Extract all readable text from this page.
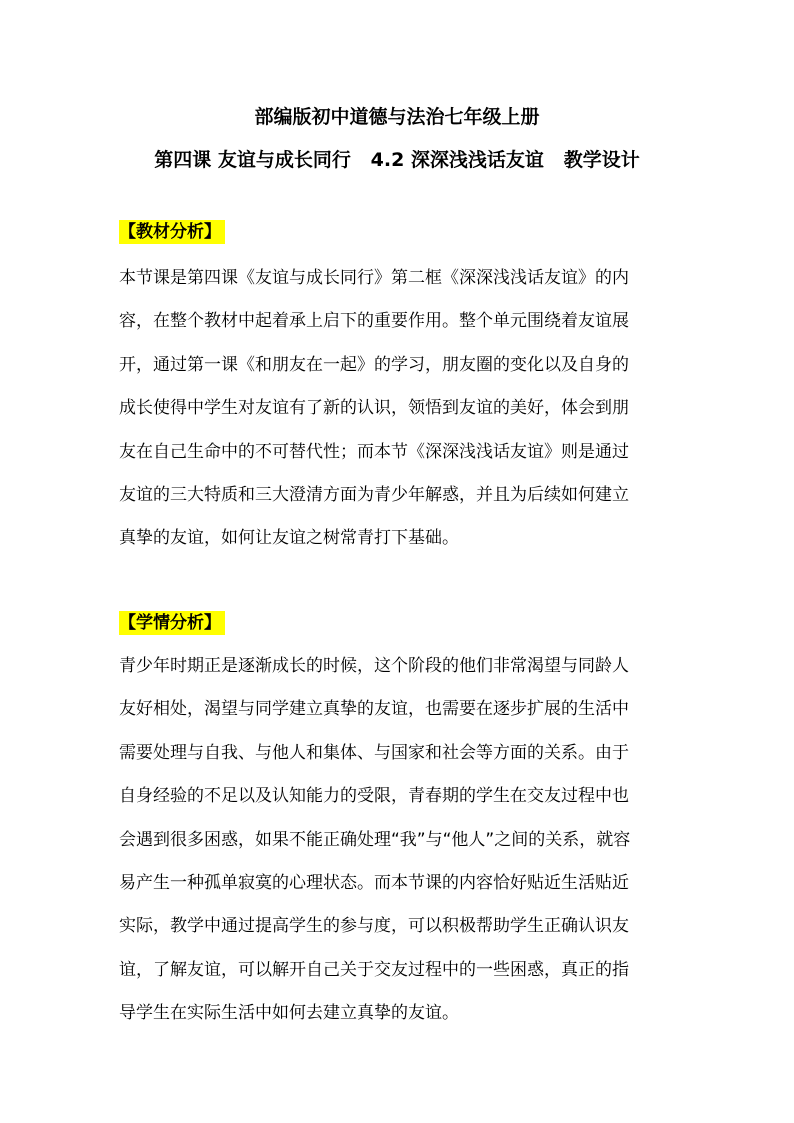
部编版初中道德与法治七年级上册
第四课 友谊与成长同行   4.2 深深浅浅话友谊   教学设计
【教材分析】
本节课是第四课《友谊与成长同行》第二框《深深浅浅话友谊》的内
容，在整个教材中起着承上启下的重要作用。整个单元围绕着友谊展
开，通过第一课《和朋友在一起》的学习，朋友圈的变化以及自身的
成长使得中学生对友谊有了新的认识，领悟到友谊的美好，体会到朋
友在自己生命中的不可替代性；而本节《深深浅浅话友谊》则是通过
友谊的三大特质和三大澄清方面为青少年解惑，并且为后续如何建立
真挚的友谊，如何让友谊之树常青打下基础。
【学情分析】
青少年时期正是逐渐成长的时候，这个阶段的他们非常渴望与同龄人
友好相处，渴望与同学建立真挚的友谊，也需要在逐步扩展的生活中
需要处理与自我、与他人和集体、与国家和社会等方面的关系。由于
自身经验的不足以及认知能力的受限，青春期的学生在交友过程中也
会遇到很多困惑，如果不能正确处理“我”与“他人”之间的关系，就容
易产生一种孤单寂寞的心理状态。而本节课的内容恰好贴近生活贴近
实际，教学中通过提高学生的参与度，可以积极帮助学生正确认识友
谊，了解友谊，可以解开自己关于交友过程中的一些困惑，真正的指
导学生在实际生活中如何去建立真挚的友谊。
